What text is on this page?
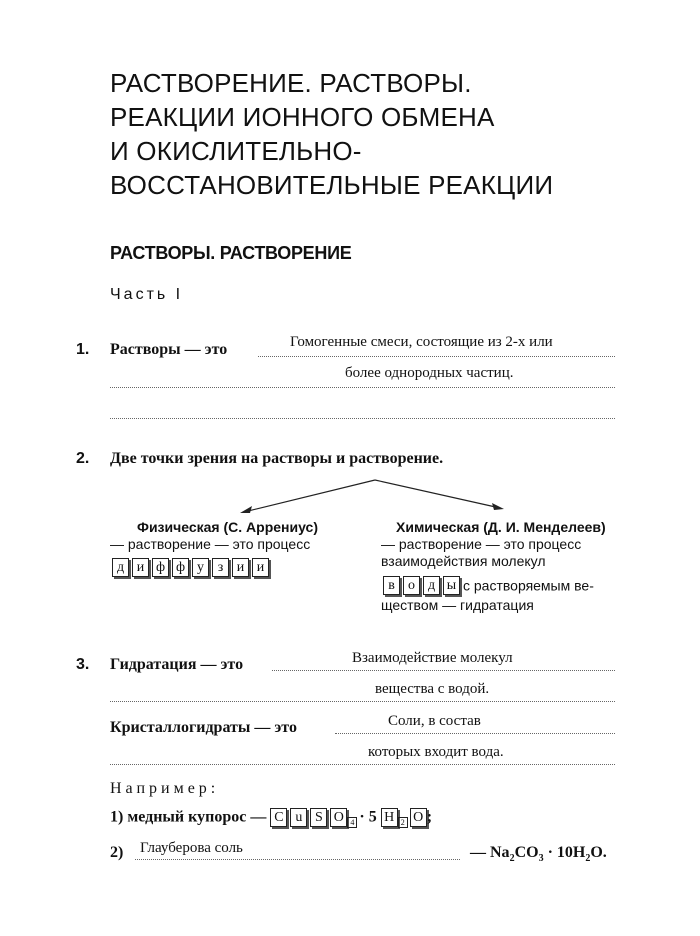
РАСТВОРЕНИЕ. РАСТВОРЫ.
РЕАКЦИИ ИОННОГО ОБМЕНА
И ОКИСЛИТЕЛЬНО-
ВОССТАНОВИТЕЛЬНЫЕ РЕАКЦИИ
РАСТВОРЫ. РАСТВОРЕНИЕ
Часть I
1. Растворы — это	Гомогенные смеси, состоящие из 2-х или
более однородных частиц.
2. Две точки зрения на растворы и растворение.
Физическая (С. Аррениус)
— растворение — это процесс
д и ф ф у з и и
Химическая (Д. И. Менделеев)
— растворение — это процесс
взаимодействия молекул
в о д ы с растворяемым ве-
ществом — гидратация
3. Гидратация — это	Взаимодействие молекул
вещества с водой.
Кристаллогидраты — это	Соли, в состав
которых входит вода.
Например:
1) медный купорос — C u S O 4 · 5 H 2 O ;
2) Глауберова соль	— $Na_2CO_3 \cdot 10H_2O$.
